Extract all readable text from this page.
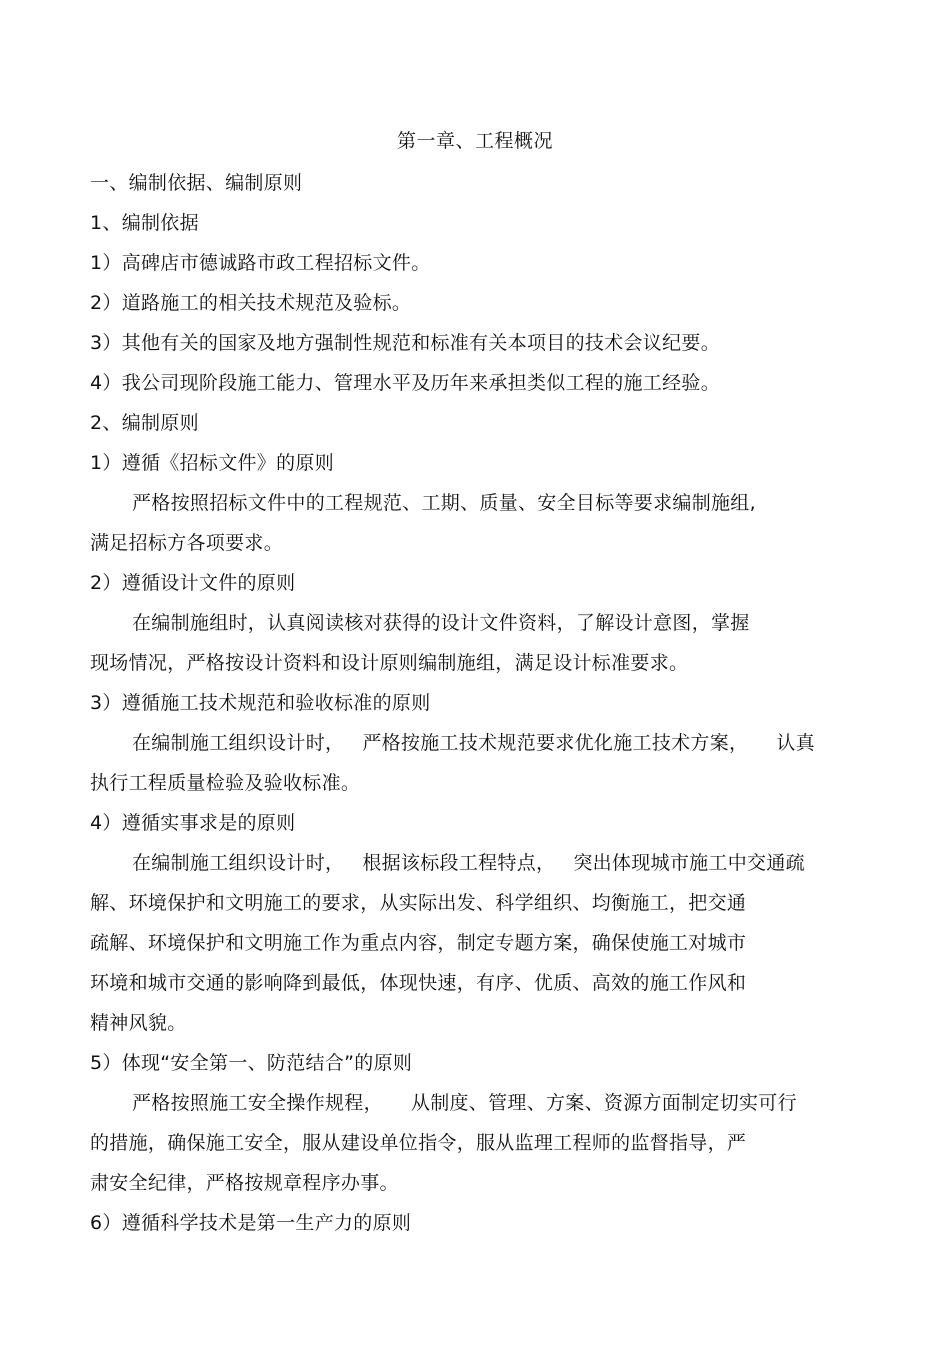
第一章、工程概况
一、编制依据、编制原则
1、编制依据
1）高碑店市德诚路市政工程招标文件。
2）道路施工的相关技术规范及验标。
3）其他有关的国家及地方强制性规范和标准有关本项目的技术会议纪要。
4）我公司现阶段施工能力、管理水平及历年来承担类似工程的施工经验。
2、编制原则
1）遵循《招标文件》的原则
严格按照招标文件中的工程规范、工期、质量、安全目标等要求编制施组,
满足招标方各项要求。
2）遵循设计文件的原则
在编制施组时，认真阅读核对获得的设计文件资料，了解设计意图，掌握
现场情况，严格按设计资料和设计原则编制施组，满足设计标准要求。
3）遵循施工技术规范和验收标准的原则
在编制施工组织设计时， 严格按施工技术规范要求优化施工技术方案， 认真
执行工程质量检验及验收标准。
4）遵循实事求是的原则
在编制施工组织设计时， 根据该标段工程特点， 突出体现城市施工中交通疏
解、环境保护和文明施工的要求，从实际出发、科学组织、均衡施工，把交通
疏解、环境保护和文明施工作为重点内容，制定专题方案，确保使施工对城市
环境和城市交通的影响降到最低，体现快速，有序、优质、高效的施工作风和
精神风貌。
5）体现“安全第一、防范结合”的原则
严格按照施工安全操作规程， 从制度、管理、方案、资源方面制定切实可行
的措施，确保施工安全，服从建设单位指令，服从监理工程师的监督指导，严
肃安全纪律，严格按规章程序办事。
6）遵循科学技术是第一生产力的原则
